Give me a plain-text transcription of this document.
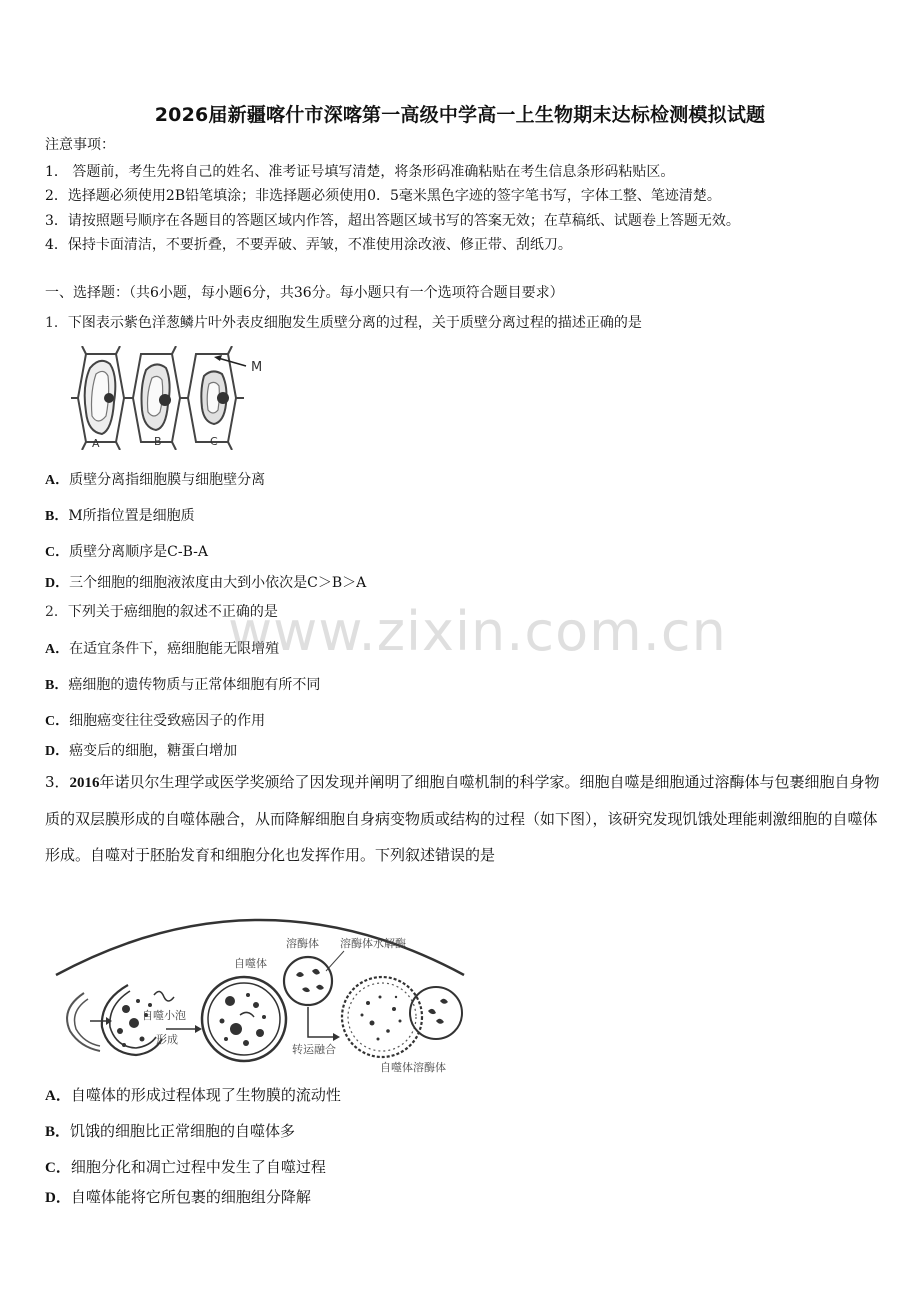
2026届新疆喀什市深喀第一高级中学高一上生物期末达标检测模拟试题
注意事项：
1． 答题前，考生先将自己的姓名、准考证号填写清楚，将条形码准确粘贴在考生信息条形码粘贴区。
2．选择题必须使用2B铅笔填涂；非选择题必须使用0．5毫米黑色字迹的签字笔书写，字体工整、笔迹清楚。
3．请按照题号顺序在各题目的答题区域内作答，超出答题区域书写的答案无效；在草稿纸、试题卷上答题无效。
4．保持卡面清洁，不要折叠，不要弄破、弄皱，不准使用涂改液、修正带、刮纸刀。
一、选择题：（共6小题，每小题6分，共36分。每小题只有一个选项符合题目要求）
1．下图表示紫色洋葱鳞片叶外表皮细胞发生质壁分离的过程，关于质壁分离过程的描述正确的是
M
A	B	C
A．质壁分离指细胞膜与细胞壁分离
B．M所指位置是细胞质
C．质壁分离顺序是C-B-A
D．三个细胞的细胞液浓度由大到小依次是C＞B＞A
2．下列关于癌细胞的叙述不正确的是
A．在适宜条件下，癌细胞能无限增殖
B．癌细胞的遗传物质与正常体细胞有所不同
C．细胞癌变往往受致癌因子的作用
D．癌变后的细胞，糖蛋白增加
3．2016年诺贝尔生理学或医学奖颁给了因发现并阐明了细胞自噬机制的科学家。细胞自噬是细胞通过溶酶体与包裹细胞自身物质的双层膜形成的自噬体融合，从而降解细胞自身病变物质或结构的过程（如下图），该研究发现饥饿处理能刺激细胞的自噬体形成。自噬对于胚胎发育和细胞分化也发挥作用。下列叙述错误的是
自噬小泡
形成
自噬体
溶酶体 溶酶体水解酶
转运融合
自噬体溶酶体
A．自噬体的形成过程体现了生物膜的流动性
B．饥饿的细胞比正常细胞的自噬体多
C．细胞分化和凋亡过程中发生了自噬过程
D．自噬体能将它所包裹的细胞组分降解
www.zixin.com.cn
